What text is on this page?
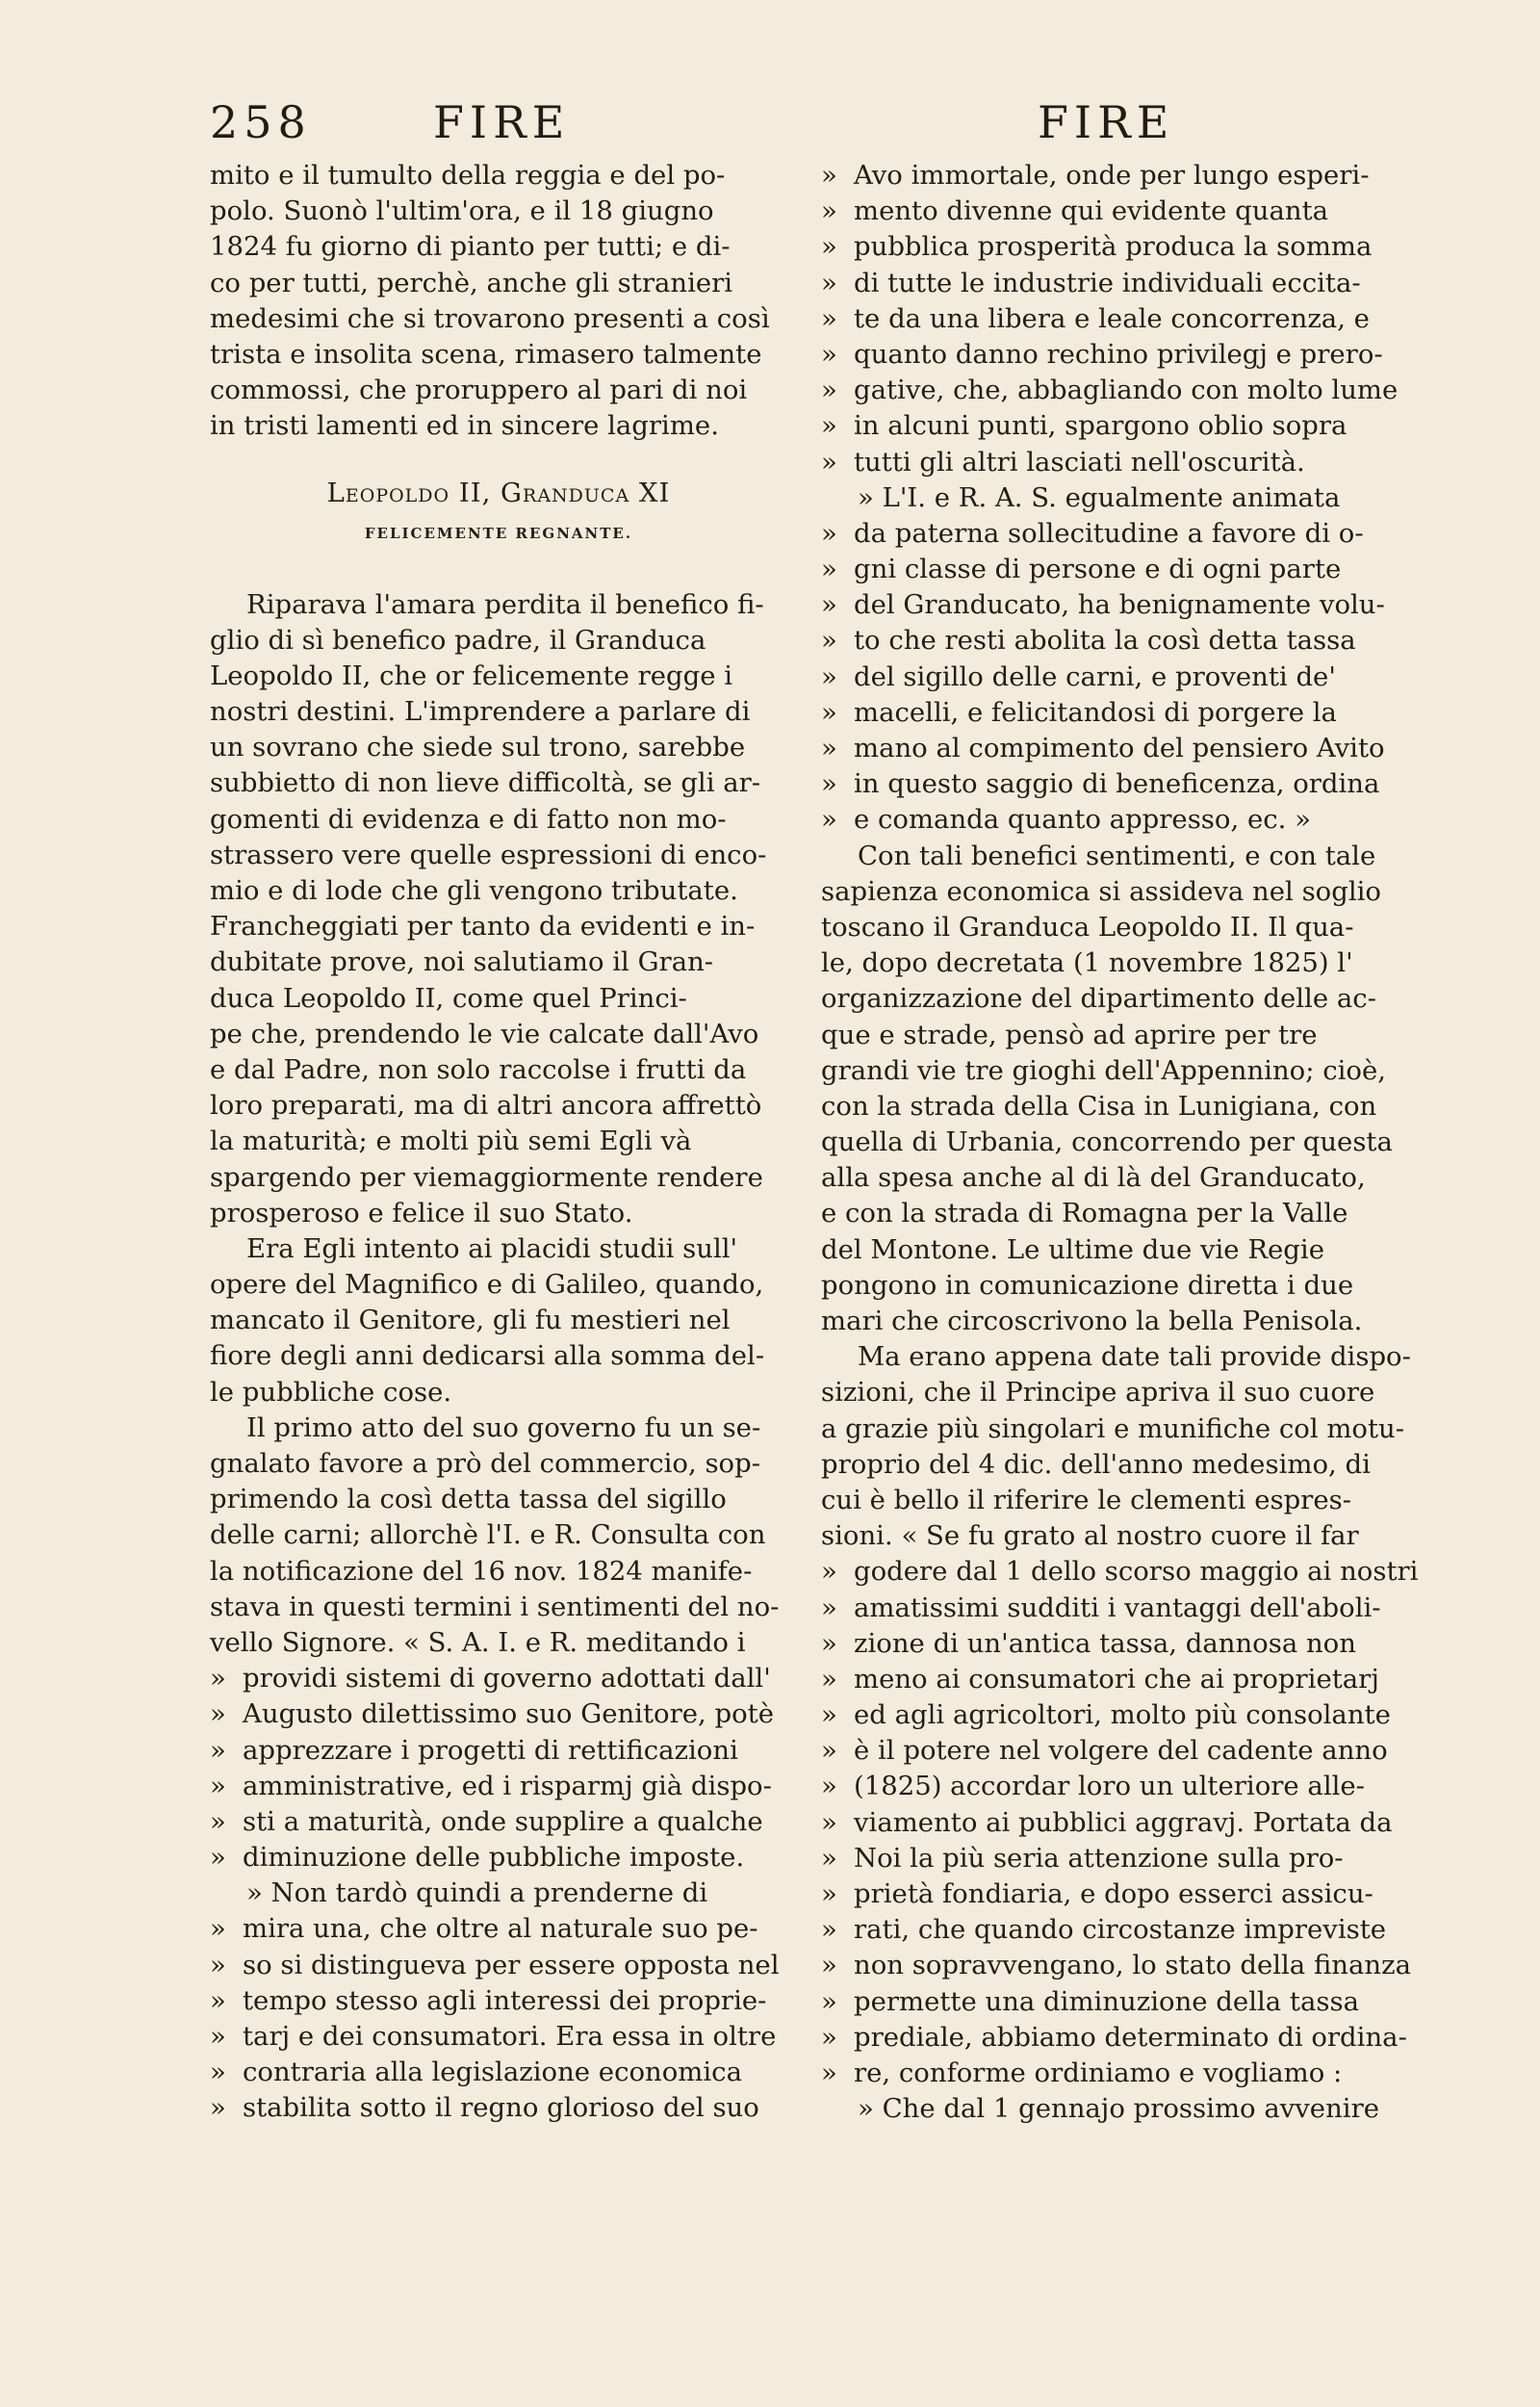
258	FIRE	FIRE
mito e il tumulto della reggia e del po-
polo. Suonò l'ultim'ora, e il 18 giugno
1824 fu giorno di pianto per tutti; e di-
co per tutti, perchè, anche gli stranieri
medesimi che si trovarono presenti a così
trista e insolita scena, rimasero talmente
commossi, che proruppero al pari di noi
in tristi lamenti ed in sincere lagrime.
Leopoldo II, Granduca XI
FELICEMENTE REGNANTE.
Riparava l'amara perdita il benefico fi-
glio di sì benefico padre, il Granduca
Leopoldo II, che or felicemente regge i
nostri destini. L'imprendere a parlare di
un sovrano che siede sul trono, sarebbe
subbietto di non lieve difficoltà, se gli ar-
gomenti di evidenza e di fatto non mo-
strassero vere quelle espressioni di enco-
mio e di lode che gli vengono tributate.
Francheggiati per tanto da evidenti e in-
dubitate prove, noi salutiamo il Gran-
duca Leopoldo II, come quel Princi-
pe che, prendendo le vie calcate dall'Avo
e dal Padre, non solo raccolse i frutti da
loro preparati, ma di altri ancora affrettò
la maturità; e molti più semi Egli và
spargendo per viemaggiormente rendere
prosperoso e felice il suo Stato.
Era Egli intento ai placidi studii sull'
opere del Magnifico e di Galileo, quando,
mancato il Genitore, gli fu mestieri nel
fiore degli anni dedicarsi alla somma del-
le pubbliche cose.
Il primo atto del suo governo fu un se-
gnalato favore a prò del commercio, sop-
primendo la così detta tassa del sigillo
delle carni; allorchè l'I. e R. Consulta con
la notificazione del 16 nov. 1824 manife-
stava in questi termini i sentimenti del no-
vello Signore. « S. A. I. e R. meditando i
» providi sistemi di governo adottati dall'
» Augusto dilettissimo suo Genitore, potè
» apprezzare i progetti di rettificazioni
» amministrative, ed i risparmj già dispo-
» sti a maturità, onde supplire a qualche
» diminuzione delle pubbliche imposte.
» Non tardò quindi a prenderne di
» mira una, che oltre al naturale suo pe-
» so si distingueva per essere opposta nel
» tempo stesso agli interessi dei proprie-
» tarj e dei consumatori. Era essa in oltre
» contraria alla legislazione economica
» stabilita sotto il regno glorioso del suo
» Avo immortale, onde per lungo esperi-
» mento divenne qui evidente quanta
» pubblica prosperità produca la somma
» di tutte le industrie individuali eccita-
» te da una libera e leale concorrenza, e
» quanto danno rechino privilegj e prero-
» gative, che, abbagliando con molto lume
» in alcuni punti, spargono oblio sopra
» tutti gli altri lasciati nell'oscurità.
» L'I. e R. A. S. egualmente animata
» da paterna sollecitudine a favore di o-
» gni classe di persone e di ogni parte
» del Granducato, ha benignamente volu-
» to che resti abolita la così detta tassa
» del sigillo delle carni, e proventi de'
» macelli, e felicitandosi di porgere la
» mano al compimento del pensiero Avito
» in questo saggio di beneficenza, ordina
» e comanda quanto appresso, ec. »
Con tali benefici sentimenti, e con tale
sapienza economica si assideva nel soglio
toscano il Granduca Leopoldo II. Il qua-
le, dopo decretata (1 novembre 1825) l'
organizzazione del dipartimento delle ac-
que e strade, pensò ad aprire per tre
grandi vie tre gioghi dell'Appennino; cioè,
con la strada della Cisa in Lunigiana, con
quella di Urbania, concorrendo per questa
alla spesa anche al di là del Granducato,
e con la strada di Romagna per la Valle
del Montone. Le ultime due vie Regie
pongono in comunicazione diretta i due
mari che circoscrivono la bella Penisola.
Ma erano appena date tali provide dispo-
sizioni, che il Principe apriva il suo cuore
a grazie più singolari e munifiche col motu-
proprio del 4 dic. dell'anno medesimo, di
cui è bello il riferire le clementi espres-
sioni. « Se fu grato al nostro cuore il far
» godere dal 1 dello scorso maggio ai nostri
» amatissimi sudditi i vantaggi dell'aboli-
» zione di un'antica tassa, dannosa non
» meno ai consumatori che ai proprietarj
» ed agli agricoltori, molto più consolante
» è il potere nel volgere del cadente anno
» (1825) accordar loro un ulteriore alle-
» viamento ai pubblici aggravj. Portata da
» Noi la più seria attenzione sulla pro-
» prietà fondiaria, e dopo esserci assicu-
» rati, che quando circostanze impreviste
» non sopravvengano, lo stato della finanza
» permette una diminuzione della tassa
» prediale, abbiamo determinato di ordina-
» re, conforme ordiniamo e vogliamo :
» Che dal 1 gennajo prossimo avvenire
